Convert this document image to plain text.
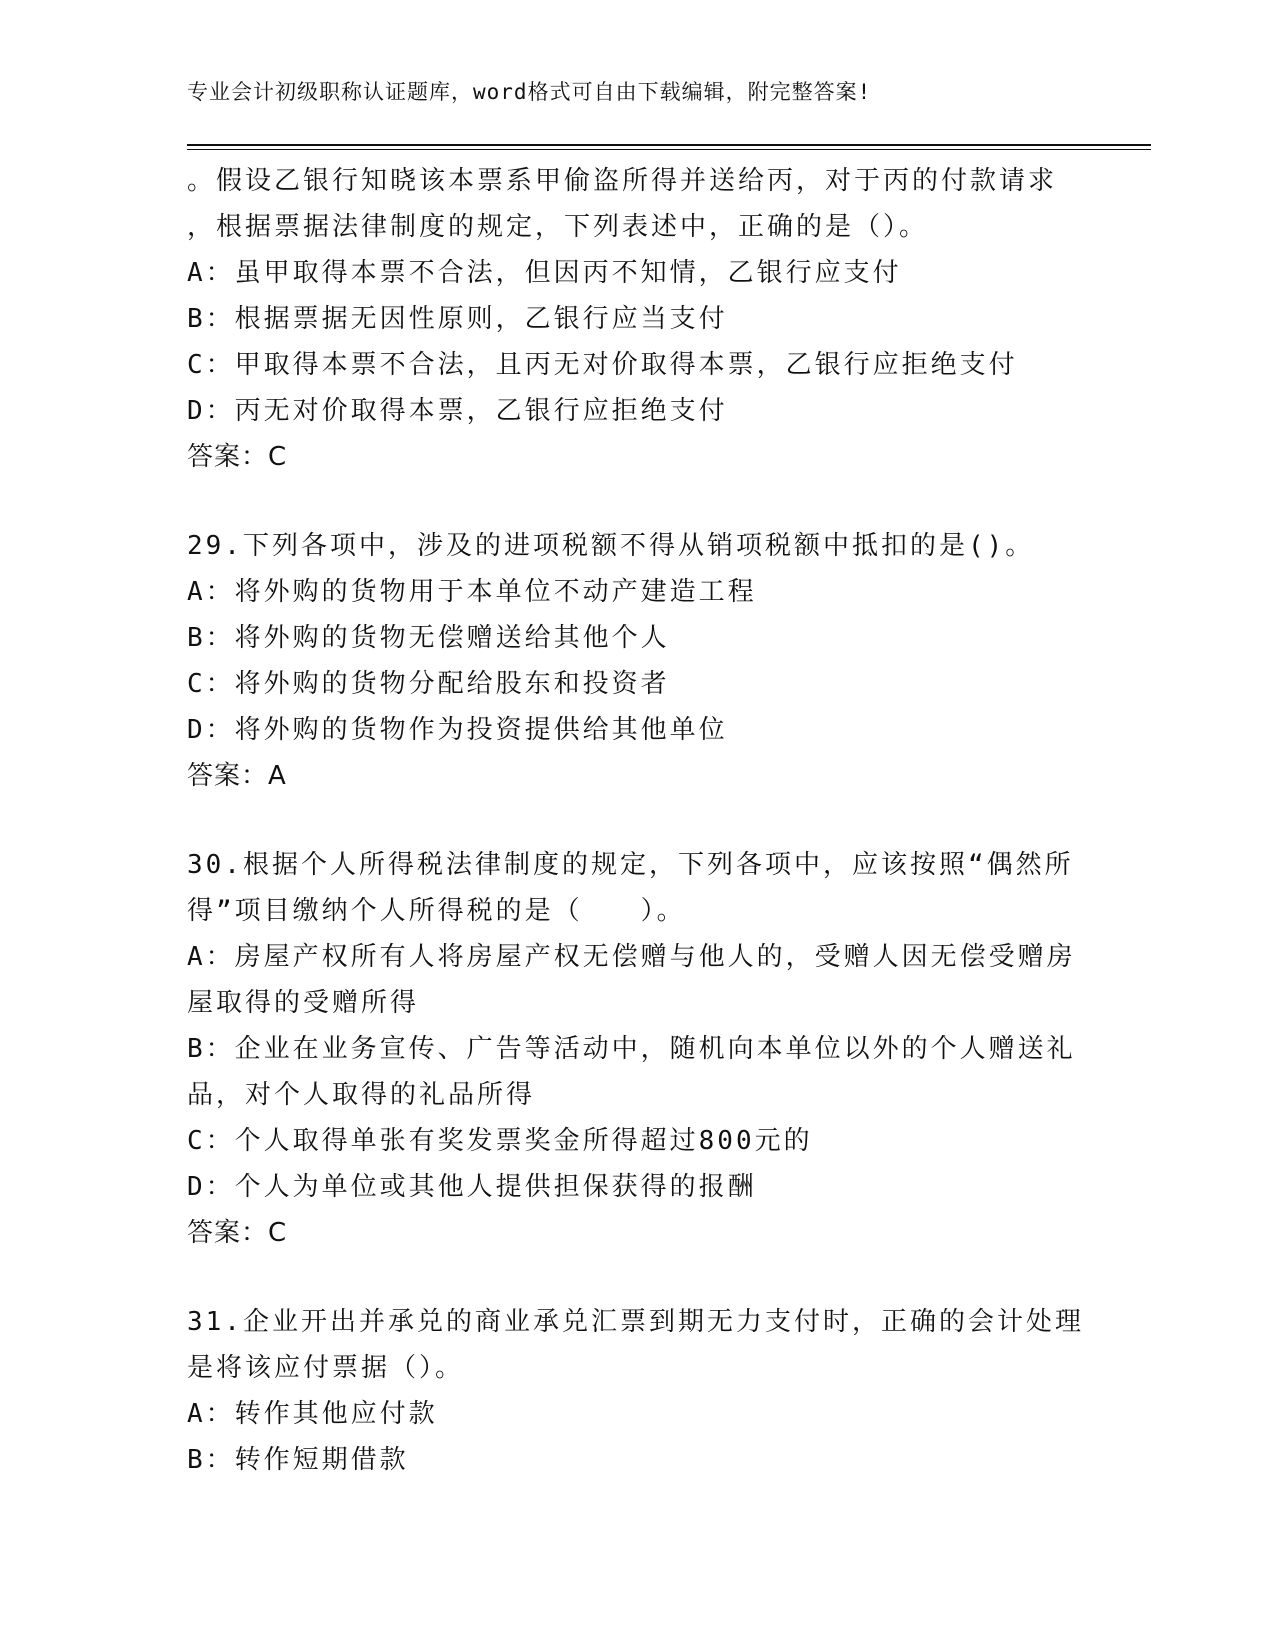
专业会计初级职称认证题库，word格式可自由下载编辑，附完整答案!
。假设乙银行知晓该本票系甲偷盗所得并送给丙，对于丙的付款请求
，根据票据法律制度的规定，下列表述中，正确的是（）。
A：虽甲取得本票不合法，但因丙不知情，乙银行应支付
B：根据票据无因性原则，乙银行应当支付
C：甲取得本票不合法，且丙无对价取得本票，乙银行应拒绝支付
D：丙无对价取得本票，乙银行应拒绝支付
答案：C
29.下列各项中，涉及的进项税额不得从销项税额中抵扣的是()。
A：将外购的货物用于本单位不动产建造工程
B：将外购的货物无偿赠送给其他个人
C：将外购的货物分配给股东和投资者
D：将外购的货物作为投资提供给其他单位
答案：A
30.根据个人所得税法律制度的规定，下列各项中，应该按照“偶然所
得”项目缴纳个人所得税的是（　　）。
A：房屋产权所有人将房屋产权无偿赠与他人的，受赠人因无偿受赠房
屋取得的受赠所得
B：企业在业务宣传、广告等活动中，随机向本单位以外的个人赠送礼
品，对个人取得的礼品所得
C：个人取得单张有奖发票奖金所得超过800元的
D：个人为单位或其他人提供担保获得的报酬
答案：C
31.企业开出并承兑的商业承兑汇票到期无力支付时，正确的会计处理
是将该应付票据（）。
A：转作其他应付款
B：转作短期借款
